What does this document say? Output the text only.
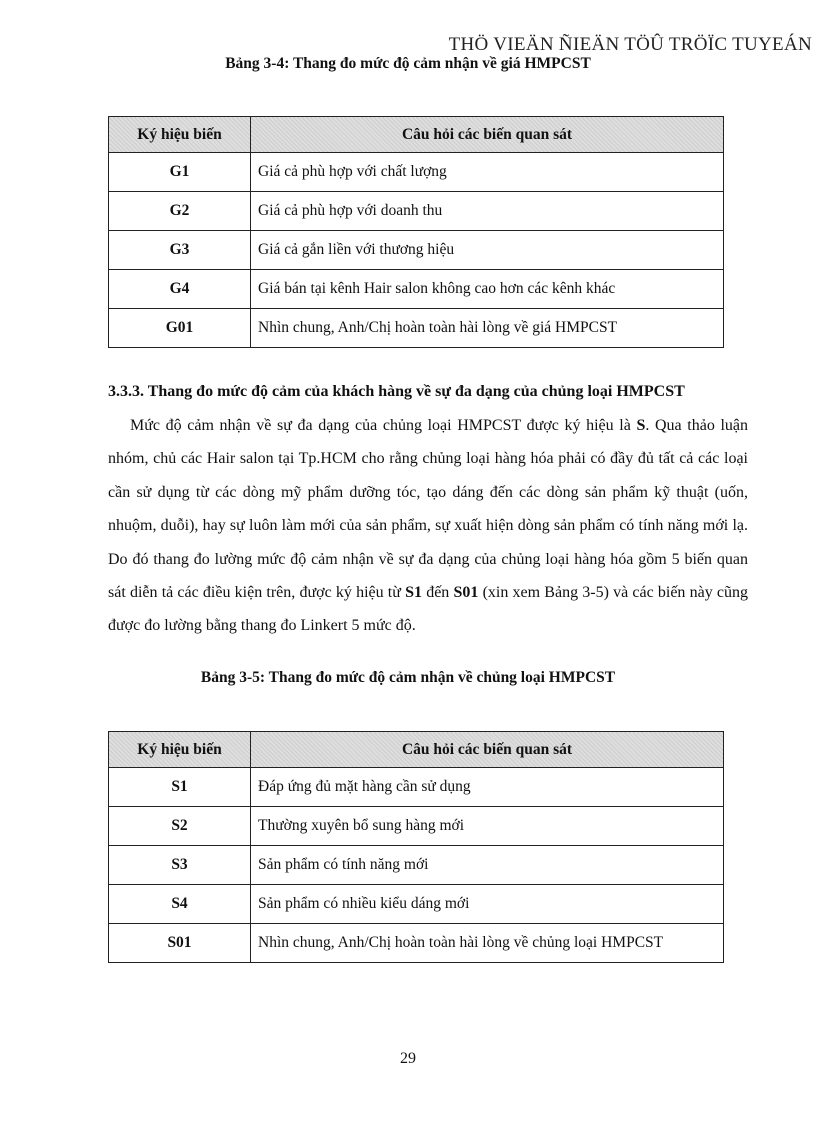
THÖ VIEÄN ÑIEÄN TÖÛ TRÖÏC TUYEÁN
Bảng 3-4: Thang đo mức độ cảm nhận về giá HMPCST
Ký hiệu biến	Câu hỏi các biến quan sát
G1	Giá cả phù hợp với chất lượng
G2	Giá cả phù hợp với doanh thu
G3	Giá cả gắn liền với thương hiệu
G4	Giá bán tại kênh Hair salon không cao hơn các kênh khác
G01	Nhìn chung, Anh/Chị hoàn toàn hài lòng về giá HMPCST
3.3.3. Thang đo mức độ cảm của khách hàng về sự đa dạng của chủng loại HMPCST

Mức độ cảm nhận về sự đa dạng của chủng loại HMPCST được ký hiệu là S. Qua thảo luận nhóm, chủ các Hair salon tại Tp.HCM cho rằng chủng loại hàng hóa phải có đầy đủ tất cả các loại cần sử dụng từ các dòng mỹ phẩm dưỡng tóc, tạo dáng đến các dòng sản phẩm kỹ thuật (uốn, nhuộm, duỗi), hay sự luôn làm mới của sản phẩm, sự xuất hiện dòng sản phẩm có tính năng mới lạ. Do đó thang đo lường mức độ cảm nhận về sự đa dạng của chủng loại hàng hóa gồm 5 biến quan sát diễn tả các điều kiện trên, được ký hiệu từ S1 đến S01 (xin xem Bảng 3-5) và các biến này cũng được đo lường bằng thang đo Linkert 5 mức độ.

Bảng 3-5: Thang đo mức độ cảm nhận về chủng loại HMPCST
Ký hiệu biến	Câu hỏi các biến quan sát
S1	Đáp ứng đủ mặt hàng cần sử dụng
S2	Thường xuyên bổ sung hàng mới
S3	Sản phẩm có tính năng mới
S4	Sản phẩm có nhiều kiểu dáng mới
S01	Nhìn chung, Anh/Chị hoàn toàn hài lòng về chủng loại HMPCST
29
